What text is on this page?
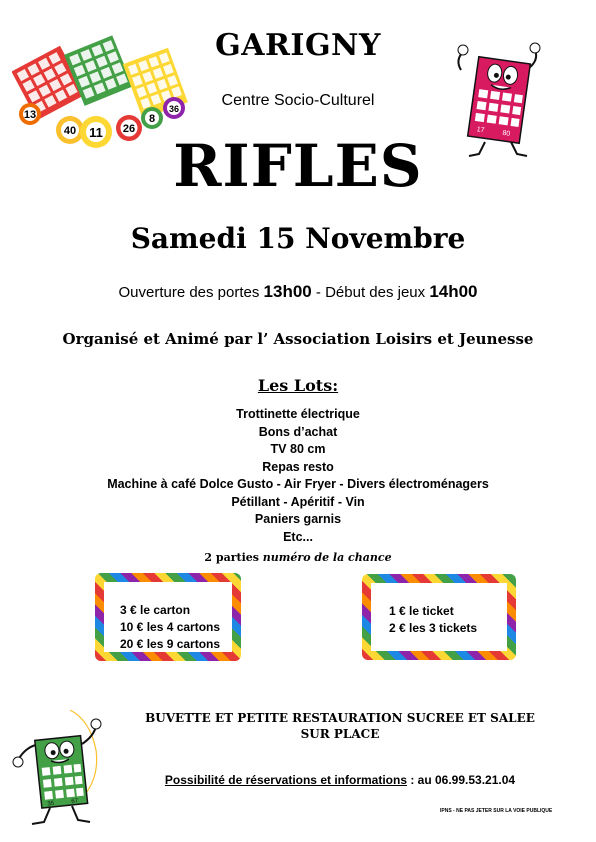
13
40 11 26
8
36
17 80
GARIGNY
Centre Socio-Culturel
RIFLES
Samedi 15 Novembre
Ouverture des portes 13h00 - Début des jeux 14h00
Organisé et Animé par l’ Association Loisirs et Jeunesse
Les Lots:
Trottinette électrique
Bons d’achat
TV 80 cm
Repas resto
Machine à café Dolce Gusto - Air Fryer - Divers électroménagers
Pétillant - Apéritif - Vin
Paniers garnis
Etc...
2 parties numéro de la chance
3 € le carton
10 € les 4 cartons
20 € les 9 cartons
1 € le ticket
2 € les 3 tickets
35	67
BUVETTE ET PETITE RESTAURATION SUCREE ET SALEE
SUR PLACE
Possibilité de réservations et informations : au 06.99.53.21.04
IPNS - NE PAS JETER SUR LA VOIE PUBLIQUE
